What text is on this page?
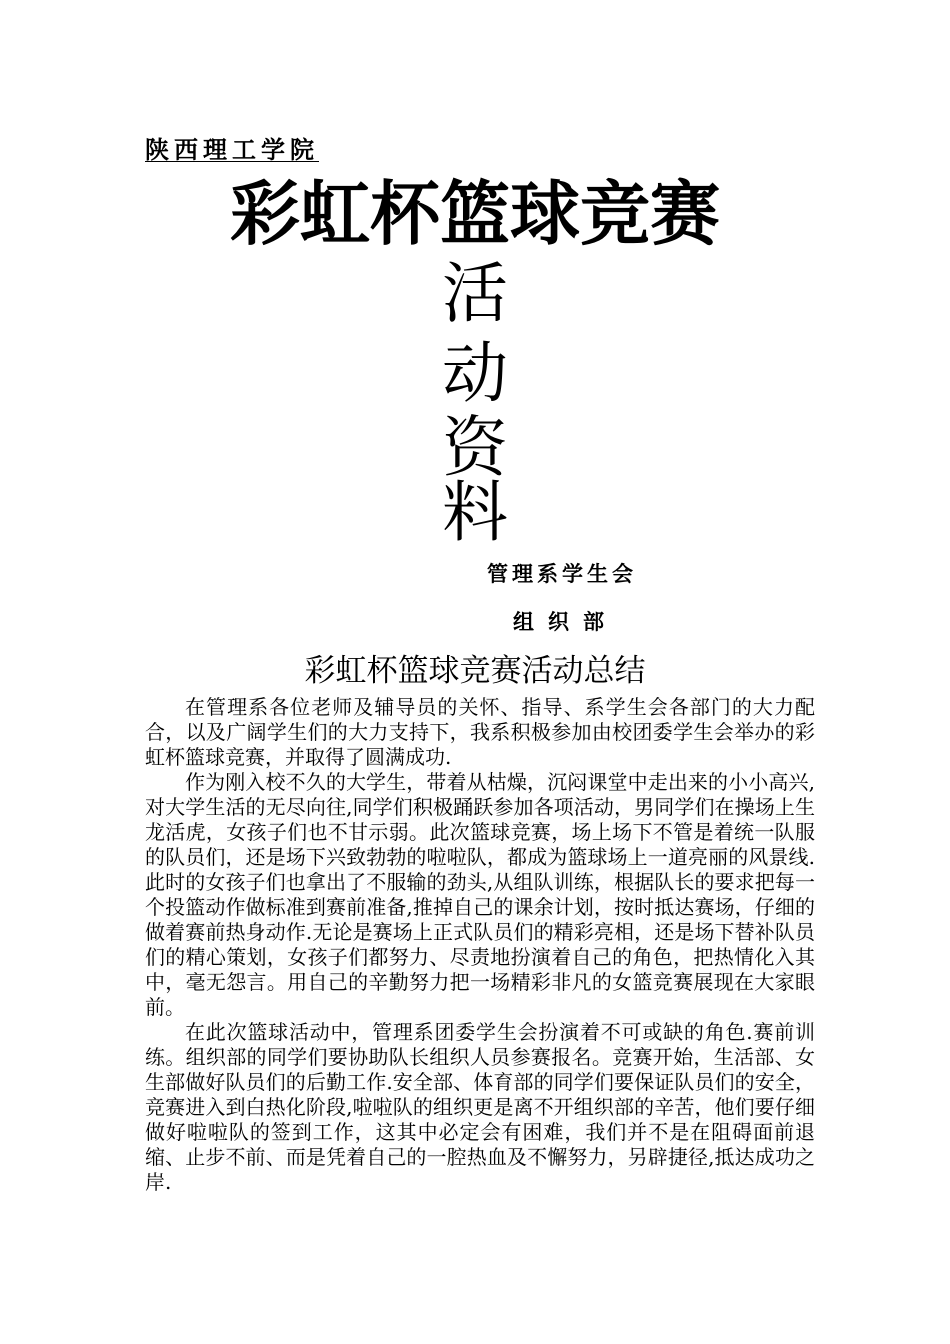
陕西理工学院
彩虹杯篮球竞赛
活
动
资
料
管理系学生会
组织部
彩虹杯篮球竞赛活动总结

在管理系各位老师及辅导员的关怀、指导、系学生会各部门的大力配合，以及广阔学生们的大力支持下，我系积极参加由校团委学生会举办的彩虹杯篮球竞赛，并取得了圆满成功.

作为刚入校不久的大学生，带着从枯燥，沉闷课堂中走出来的小小高兴,对大学生活的无尽向往,同学们积极踊跃参加各项活动，男同学们在操场上生龙活虎，女孩子们也不甘示弱。此次篮球竞赛，场上场下不管是着统一队服的队员们，还是场下兴致勃勃的啦啦队，都成为篮球场上一道亮丽的风景线.此时的女孩子们也拿出了不服输的劲头,从组队训练，根据队长的要求把每一个投篮动作做标准到赛前准备,推掉自己的课余计划，按时抵达赛场，仔细的做着赛前热身动作.无论是赛场上正式队员们的精彩亮相，还是场下替补队员们的精心策划，女孩子们都努力、尽责地扮演着自己的角色，把热情化入其中，毫无怨言。用自己的辛勤努力把一场精彩非凡的女篮竞赛展现在大家眼前。

在此次篮球活动中，管理系团委学生会扮演着不可或缺的角色.赛前训练。组织部的同学们要协助队长组织人员参赛报名。竞赛开始，生活部、女生部做好队员们的后勤工作.安全部、体育部的同学们要保证队员们的安全，竞赛进入到白热化阶段,啦啦队的组织更是离不开组织部的辛苦，他们要仔细做好啦啦队的签到工作，这其中必定会有困难，我们并不是在阻碍面前退缩、止步不前、而是凭着自己的一腔热血及不懈努力，另辟捷径,抵达成功之岸.
